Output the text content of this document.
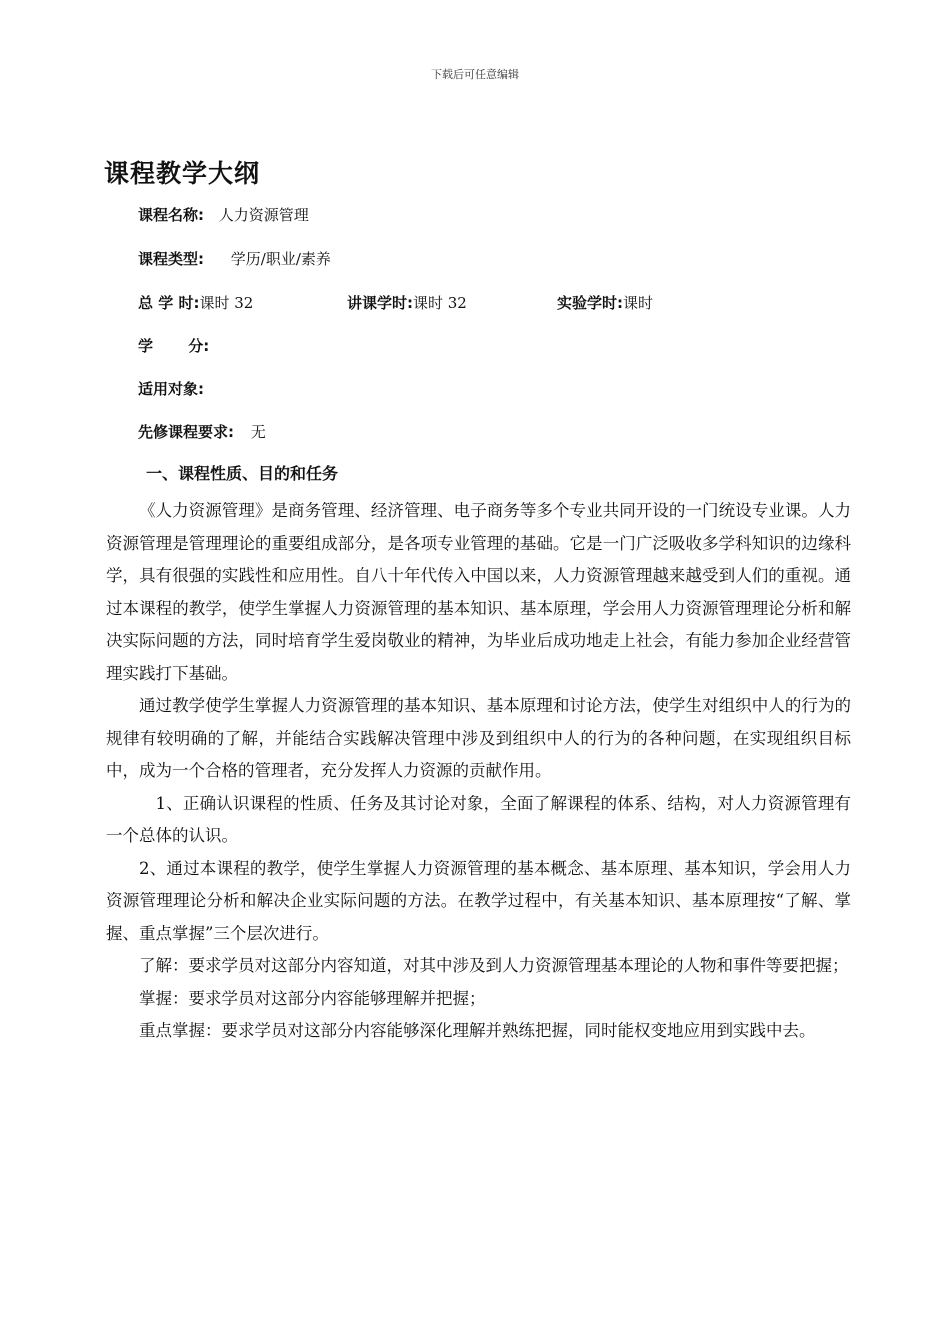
下载后可任意编辑
课程教学大纲
课程名称: 人力资源管理
课程类型: 学历/职业/素养
总 学 时:课时 32	讲课学时:课时 32	实验学时:课时
学 分:
适用对象:
先修课程要求: 无
一、课程性质、目的和任务

《人力资源管理》是商务管理、经济管理、电子商务等多个专业共同开设的一门统设专业课。人力资源管理是管理理论的重要组成部分，是各项专业管理的基础。它是一门广泛吸收多学科知识的边缘科学，具有很强的实践性和应用性。自八十年代传入中国以来，人力资源管理越来越受到人们的重视。通过本课程的教学，使学生掌握人力资源管理的基本知识、基本原理，学会用人力资源管理理论分析和解决实际问题的方法，同时培育学生爱岗敬业的精神，为毕业后成功地走上社会，有能力参加企业经营管理实践打下基础。

通过教学使学生掌握人力资源管理的基本知识、基本原理和讨论方法，使学生对组织中人的行为的规律有较明确的了解，并能结合实践解决管理中涉及到组织中人的行为的各种问题，在实现组织目标中，成为一个合格的管理者，充分发挥人力资源的贡献作用。

1、正确认识课程的性质、任务及其讨论对象，全面了解课程的体系、结构，对人力资源管理有一个总体的认识。

2、通过本课程的教学，使学生掌握人力资源管理的基本概念、基本原理、基本知识，学会用人力资源管理理论分析和解决企业实际问题的方法。在教学过程中，有关基本知识、基本原理按“了解、掌握、重点掌握”三个层次进行。

了解：要求学员对这部分内容知道，对其中涉及到人力资源管理基本理论的人物和事件等要把握；

掌握：要求学员对这部分内容能够理解并把握；

重点掌握：要求学员对这部分内容能够深化理解并熟练把握，同时能权变地应用到实践中去。
